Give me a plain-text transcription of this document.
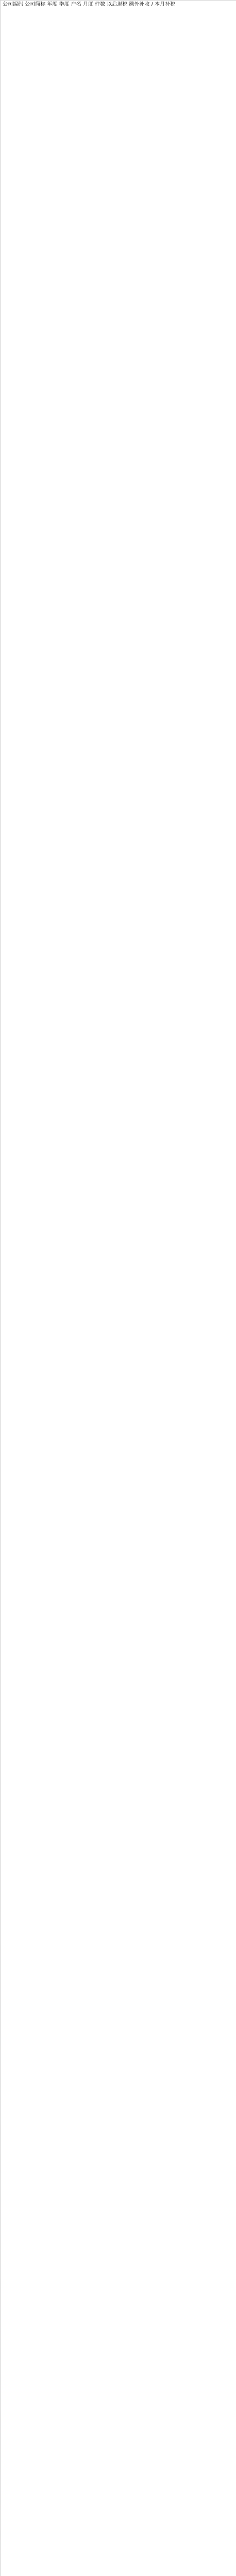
公司编码 公司简称 年度 季度 户名 月度 件数 以后退税 额外补收 / 本月补税
